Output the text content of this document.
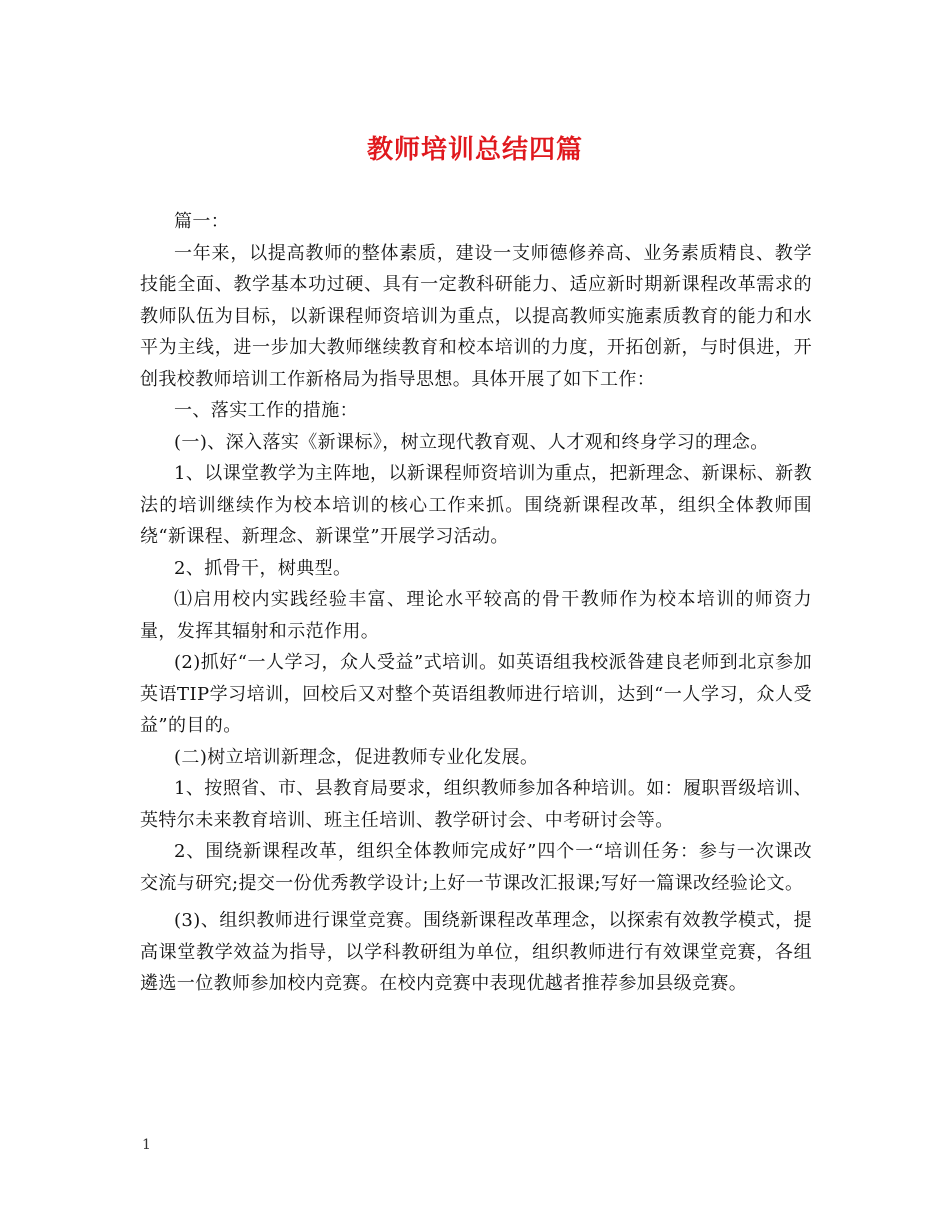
教师培训总结四篇

篇一：

一年来，以提高教师的整体素质，建设一支师德修养高、业务素质精良、教学技能全面、教学基本功过硬、具有一定教科研能力、适应新时期新课程改革需求的教师队伍为目标，以新课程师资培训为重点，以提高教师实施素质教育的能力和水平为主线，进一步加大教师继续教育和校本培训的力度，开拓创新，与时俱进，开创我校教师培训工作新格局为指导思想。具体开展了如下工作：

一、落实工作的措施：

(一)、深入落实《新课标》，树立现代教育观、人才观和终身学习的理念。

1、以课堂教学为主阵地，以新课程师资培训为重点，把新理念、新课标、新教法的培训继续作为校本培训的核心工作来抓。围绕新课程改革，组织全体教师围绕“新课程、新理念、新课堂”开展学习活动。

2、抓骨干，树典型。

⑴启用校内实践经验丰富、理论水平较高的骨干教师作为校本培训的师资力量，发挥其辐射和示范作用。

(2)抓好“一人学习，众人受益”式培训。如英语组我校派昝建良老师到北京参加英语TIP学习培训，回校后又对整个英语组教师进行培训，达到“一人学习，众人受益”的目的。

(二)树立培训新理念，促进教师专业化发展。

1、按照省、市、县教育局要求，组织教师参加各种培训。如：履职晋级培训、英特尔未来教育培训、班主任培训、教学研讨会、中考研讨会等。

2、围绕新课程改革，组织全体教师完成好”四个一“培训任务：参与一次课改交流与研究;提交一份优秀教学设计;上好一节课改汇报课;写好一篇课改经验论文。

(3)、组织教师进行课堂竞赛。围绕新课程改革理念，以探索有效教学模式，提高课堂教学效益为指导，以学科教研组为单位，组织教师进行有效课堂竞赛，各组遴选一位教师参加校内竞赛。在校内竞赛中表现优越者推荐参加县级竞赛。

1
